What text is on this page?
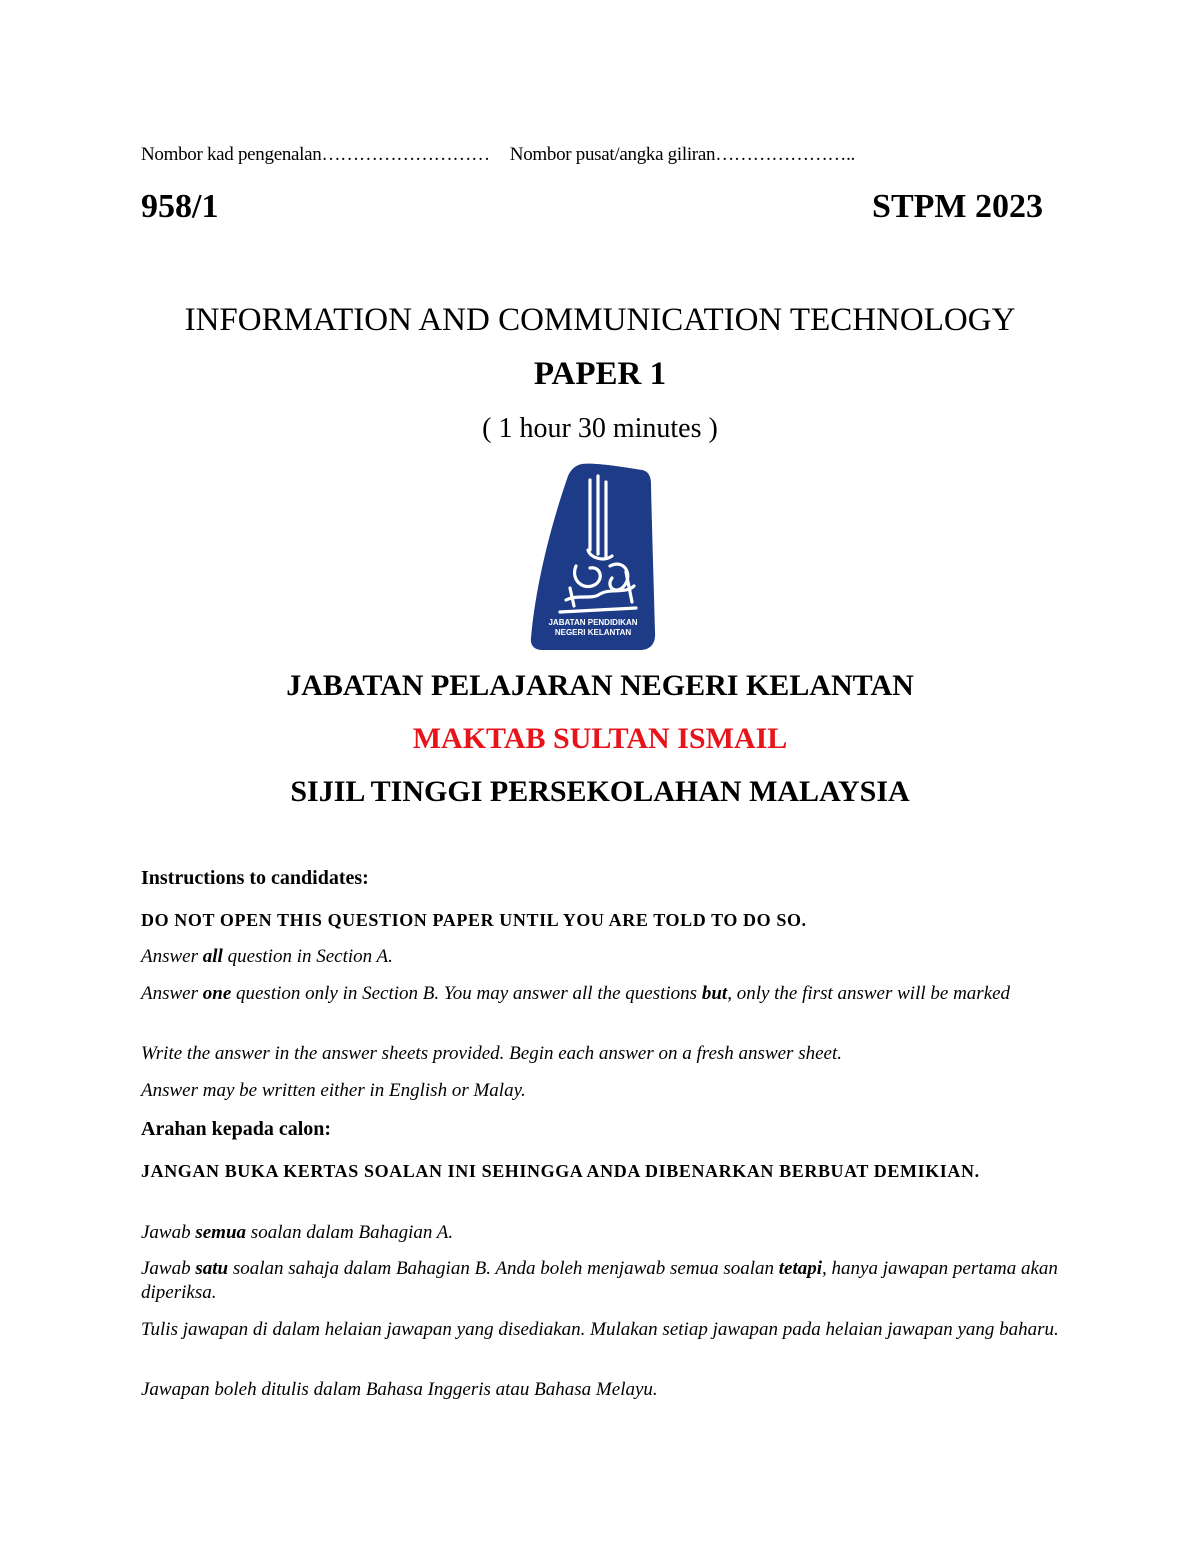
Nombor kad pengenalan……………………… Nombor pusat/angka giliran…………………..
958/1	STPM 2023
INFORMATION AND COMMUNICATION TECHNOLOGY
PAPER 1
( 1 hour 30 minutes )
JABATAN PENDIDIKAN
NEGERI KELANTAN
JABATAN PELAJARAN NEGERI KELANTAN
MAKTAB SULTAN ISMAIL
SIJIL TINGGI PERSEKOLAHAN MALAYSIA
Instructions to candidates:
DO NOT OPEN THIS QUESTION PAPER UNTIL YOU ARE TOLD TO DO SO.
Answer all question in Section A.
Answer one question only in Section B. You may answer all the questions but, only the first answer will be marked
Write the answer in the answer sheets provided. Begin each answer on a fresh answer sheet.
Answer may be written either in English or Malay.
Arahan kepada calon:
JANGAN BUKA KERTAS SOALAN INI SEHINGGA ANDA DIBENARKAN BERBUAT DEMIKIAN.
Jawab semua soalan dalam Bahagian A.
Jawab satu soalan sahaja dalam Bahagian B. Anda boleh menjawab semua soalan tetapi, hanya jawapan pertama akan diperiksa.
Tulis jawapan di dalam helaian jawapan yang disediakan. Mulakan setiap jawapan pada helaian jawapan yang baharu.
Jawapan boleh ditulis dalam Bahasa Inggeris atau Bahasa Melayu.
